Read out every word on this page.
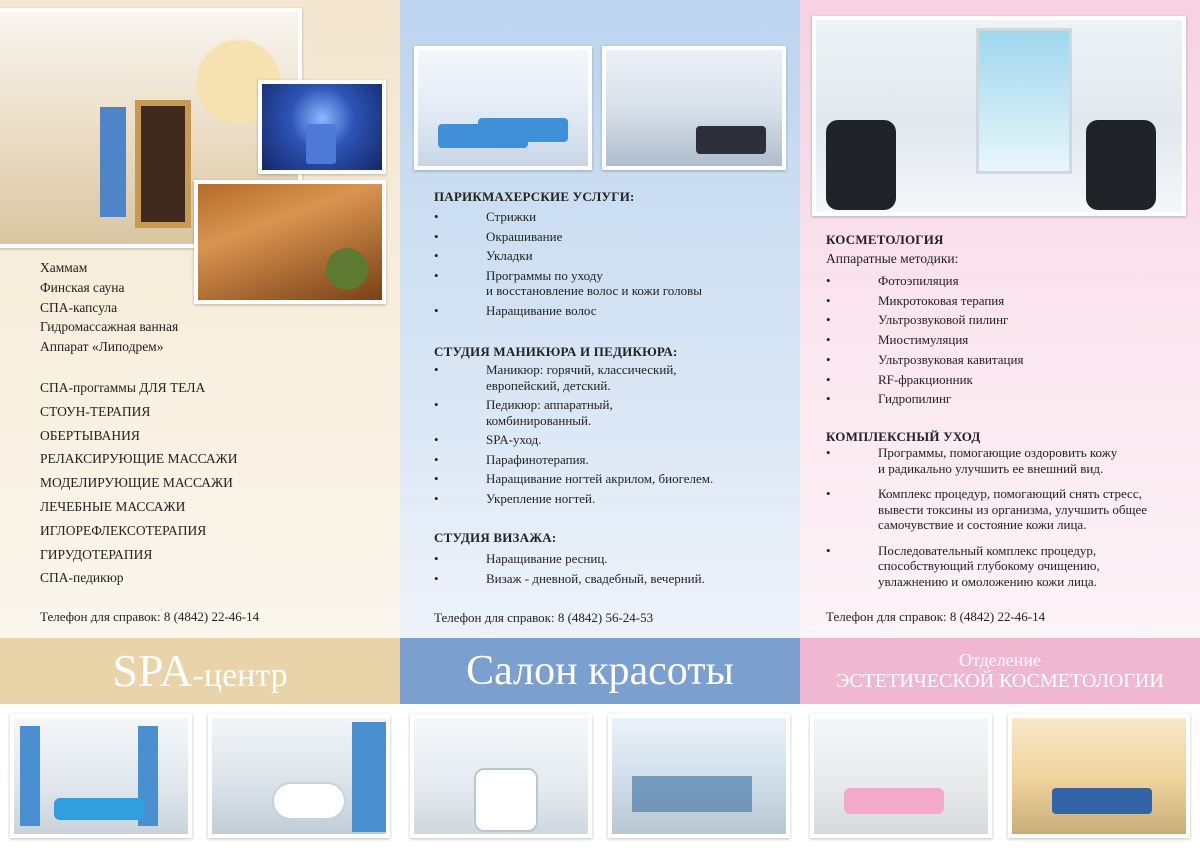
Хаммам
Финская сауна
СПА-капсула
Гидромассажная ванная
Аппарат «Липодрем»
СПА-прогrаммы ДЛЯ ТЕЛА
СТОУН-ТЕРАПИЯ
ОБЕРТЫВАНИЯ
РЕЛАКСИРУЮЩИЕ МАССАЖИ
МОДЕЛИРУЮЩИЕ МАССАЖИ
ЛЕЧЕБНЫЕ МАССАЖИ
ИГЛОРЕФЛЕКСОТЕРАПИЯ
ГИРУДОТЕРАПИЯ
СПА-педикюр

Телефон для справок: 8 (4842) 22-46-14

ПАРИКМАХЕРСКИЕ УСЛУГИ:
• Стрижки
• Окрашивание
• Укладки
• Программы по уходу
и восстановление волос и кожи головы
• Наращивание волос
СТУДИЯ МАНИКЮРА И ПЕДИКЮРА:
• Маникюр: горячий, классический,
европейский, детский.
• Педикюр: аппаратный,
комбинированный.
• SPA-уход.
• Парафинотерапия.
• Наращивание ногтей акрилом, биогелем.
• Укрепление ногтей.
СТУДИЯ ВИЗАЖА:
• Наращивание ресниц.
• Визаж - дневной, свадебный, вечерний.

Телефон для справок: 8 (4842) 56-24-53

КОСМЕТОЛОГИЯ

Аппаратные методики:

• Фотоэпиляция
• Микротоковая терапия
• Ультрозвуковой пилинг
• Миостимуляция
• Ультрозвуковая кавитация
• RF-фракционник
• Гидропилинг
КОМПЛЕКСНЫЙ УХОД
• Программы, помогающие оздоровить кожу
и радикально улучшить ее внешний вид.
• Комплекс процедур, помогающий снять стресс,
вывести токсины из организма, улучшить общее
самочувствие и состояние кожи лица.
• Последовательный комплекс процедур,
способствующий глубокому очищению,
увлажнению и омоложению кожи лица.

Телефон для справок: 8 (4842) 22-46-14

SPA-центр	Салон красоты	Отделение
ЭСТЕТИЧЕСКОЙ КОСМЕТОЛОГИИ
